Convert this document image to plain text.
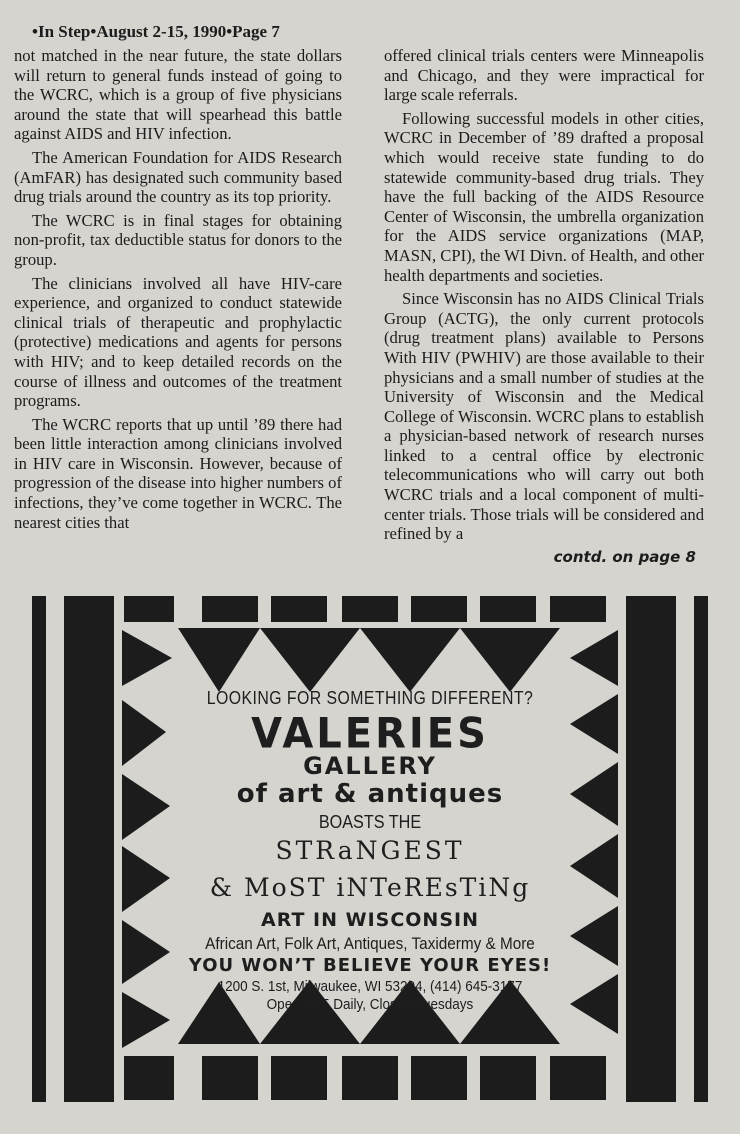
•In Step•August 2-15, 1990•Page 7

not matched in the near future, the state dollars will return to general funds instead of going to the WCRC, which is a group of five physicians around the state that will spearhead this battle against AIDS and HIV infection.

The American Foundation for AIDS Research (AmFAR) has designated such community based drug trials around the country as its top priority.

The WCRC is in final stages for obtaining non-profit, tax deductible status for donors to the group.

The clinicians involved all have HIV-care experience, and organized to conduct statewide clinical trials of therapeutic and prophylactic (protective) medications and agents for persons with HIV; and to keep detailed records on the course of illness and outcomes of the treatment programs.

The WCRC reports that up until ’89 there had been little interaction among clinicians involved in HIV care in Wisconsin. However, because of progression of the disease into higher numbers of infections, they’ve come together in WCRC. The nearest cities that

offered clinical trials centers were Minneapolis and Chicago, and they were impractical for large scale referrals.

Following successful models in other cities, WCRC in December of ’89 drafted a proposal which would receive state funding to do statewide community-based drug trials. They have the full backing of the AIDS Resource Center of Wisconsin, the umbrella organization for the AIDS service organizations (MAP, MASN, CPI), the WI Divn. of Health, and other health departments and societies.

Since Wisconsin has no AIDS Clinical Trials Group (ACTG), the only current protocols (drug treatment plans) available to Persons With HIV (PWHIV) are those available to their physicians and a small number of studies at the University of Wisconsin and the Medical College of Wisconsin. WCRC plans to establish a physician-based network of research nurses linked to a central office by electronic telecommunications who will carry out both WCRC trials and a local component of multi-center trials. Those trials will be considered and refined by a

contd. on page 8
LOOKING FOR SOMETHING DIFFERENT?
VALERIES
GALLERY
of art & antiques
BOASTS THE
STRaNGEST
& MoST iNTeREsTiNg
ART IN WISCONSIN
African Art, Folk Art, Antiques, Taxidermy & More
YOU WON’T BELIEVE YOUR EYES!
1200 S. 1st, Milwaukee, WI 53204, (414) 645-3177
Open 11-5 Daily, Closed Tuesdays
